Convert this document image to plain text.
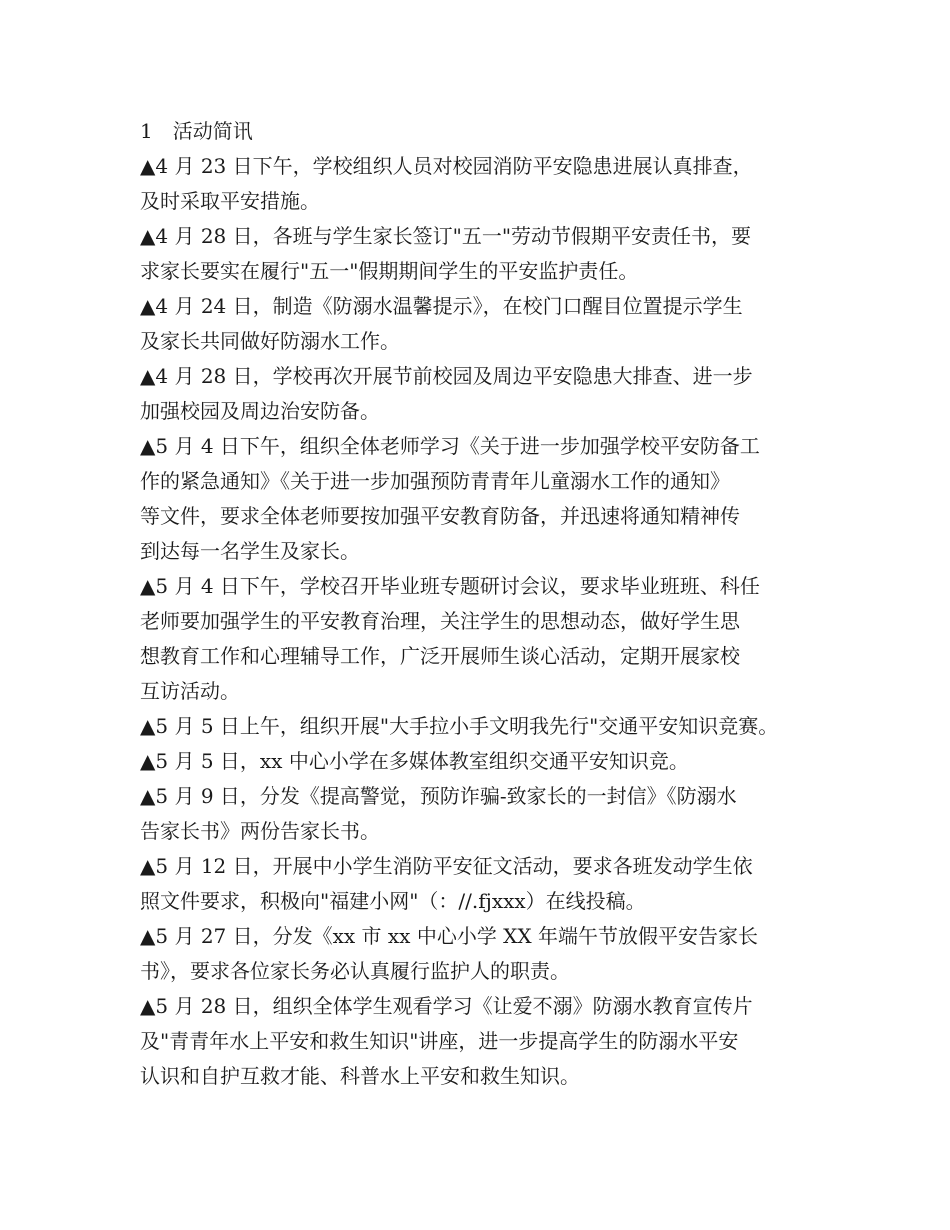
1　活动简讯
▲4 月 23 日下午，学校组织人员对校园消防平安隐患进展认真排查，
及时采取平安措施。
▲4 月 28 日，各班与学生家长签订"五一"劳动节假期平安责任书，要
求家长要实在履行"五一"假期期间学生的平安监护责任。
▲4 月 24 日，制造《防溺水温馨提示》，在校门口醒目位置提示学生
及家长共同做好防溺水工作。
▲4 月 28 日，学校再次开展节前校园及周边平安隐患大排查、进一步
加强校园及周边治安防备。
▲5 月 4 日下午，组织全体老师学习《关于进一步加强学校平安防备工
作的紧急通知》《关于进一步加强预防青青年儿童溺水工作的通知》
等文件，要求全体老师要按加强平安教育防备，并迅速将通知精神传
到达每一名学生及家长。
▲5 月 4 日下午，学校召开毕业班专题研讨会议，要求毕业班班、科任
老师要加强学生的平安教育治理，关注学生的思想动态，做好学生思
想教育工作和心理辅导工作，广泛开展师生谈心活动，定期开展家校
互访活动。
▲5 月 5 日上午，组织开展"大手拉小手文明我先行"交通平安知识竞赛。
▲5 月 5 日，xx 中心小学在多媒体教室组织交通平安知识竞。
▲5 月 9 日，分发《提高警觉，预防诈骗-致家长的一封信》《防溺水
告家长书》两份告家长书。
▲5 月 12 日，开展中小学生消防平安征文活动，要求各班发动学生依
照文件要求，积极向"福建小网"（：//.fjxxx）在线投稿。
▲5 月 27 日，分发《xx 市 xx 中心小学 XX 年端午节放假平安告家长
书》，要求各位家长务必认真履行监护人的职责。
▲5 月 28 日，组织全体学生观看学习《让爱不溺》防溺水教育宣传片
及"青青年水上平安和救生知识"讲座，进一步提高学生的防溺水平安
认识和自护互救才能、科普水上平安和救生知识。
